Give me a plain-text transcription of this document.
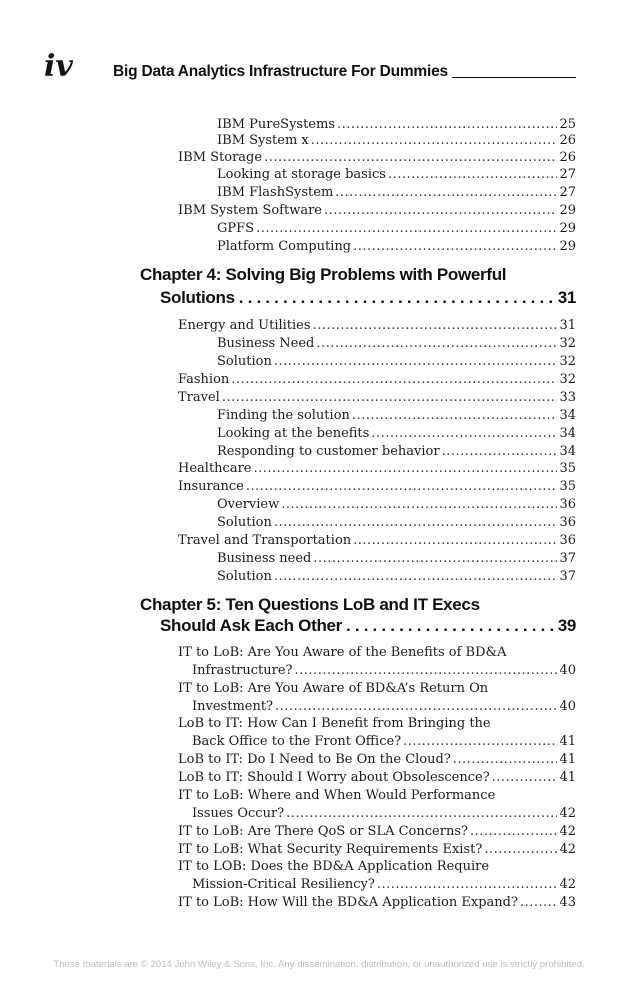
iv	Big Data Analytics Infrastructure For Dummies
IBM PureSystems .....	25
IBM System x .....	26
IBM Storage .....	26
Looking at storage basics .....	27
IBM FlashSystem .....	27
IBM System Software .....	29
GPFS .....	29
Platform Computing .....	29
Chapter 4: Solving Big Problems with Powerful
Solutions . . .	31
Energy and Utilities .....	31
Business Need .....	32
Solution .....	32
Fashion .....	32
Travel .....	33
Finding the solution .....	34
Looking at the benefits .....	34
Responding to customer behavior .....	34
Healthcare .....	35
Insurance .....	35
Overview .....	36
Solution .....	36
Travel and Transportation .....	36
Business need .....	37
Solution .....	37
Chapter 5: Ten Questions LoB and IT Execs
Should Ask Each Other . . .	39
IT to LoB: Are You Aware of the Benefits of BD&A
Infrastructure? .....	40
IT to LoB: Are You Aware of BD&A’s Return On
Investment? .....	40
LoB to IT: How Can I Benefit from Bringing the
Back Office to the Front Office? .....	41
LoB to IT: Do I Need to Be On the Cloud? .....	41
LoB to IT: Should I Worry about Obsolescence? .....	41
IT to LoB: Where and When Would Performance
Issues Occur? .....	42
IT to LoB: Are There QoS or SLA Concerns? .....	42
IT to LoB: What Security Requirements Exist? .....	42
IT to LOB: Does the BD&A Application Require
Mission-Critical Resiliency? .....	42
IT to LoB: How Will the BD&A Application Expand? .....	43
These materials are © 2014 John Wiley & Sons, Inc. Any dissemination, distribution, or unauthorized use is strictly prohibited.
